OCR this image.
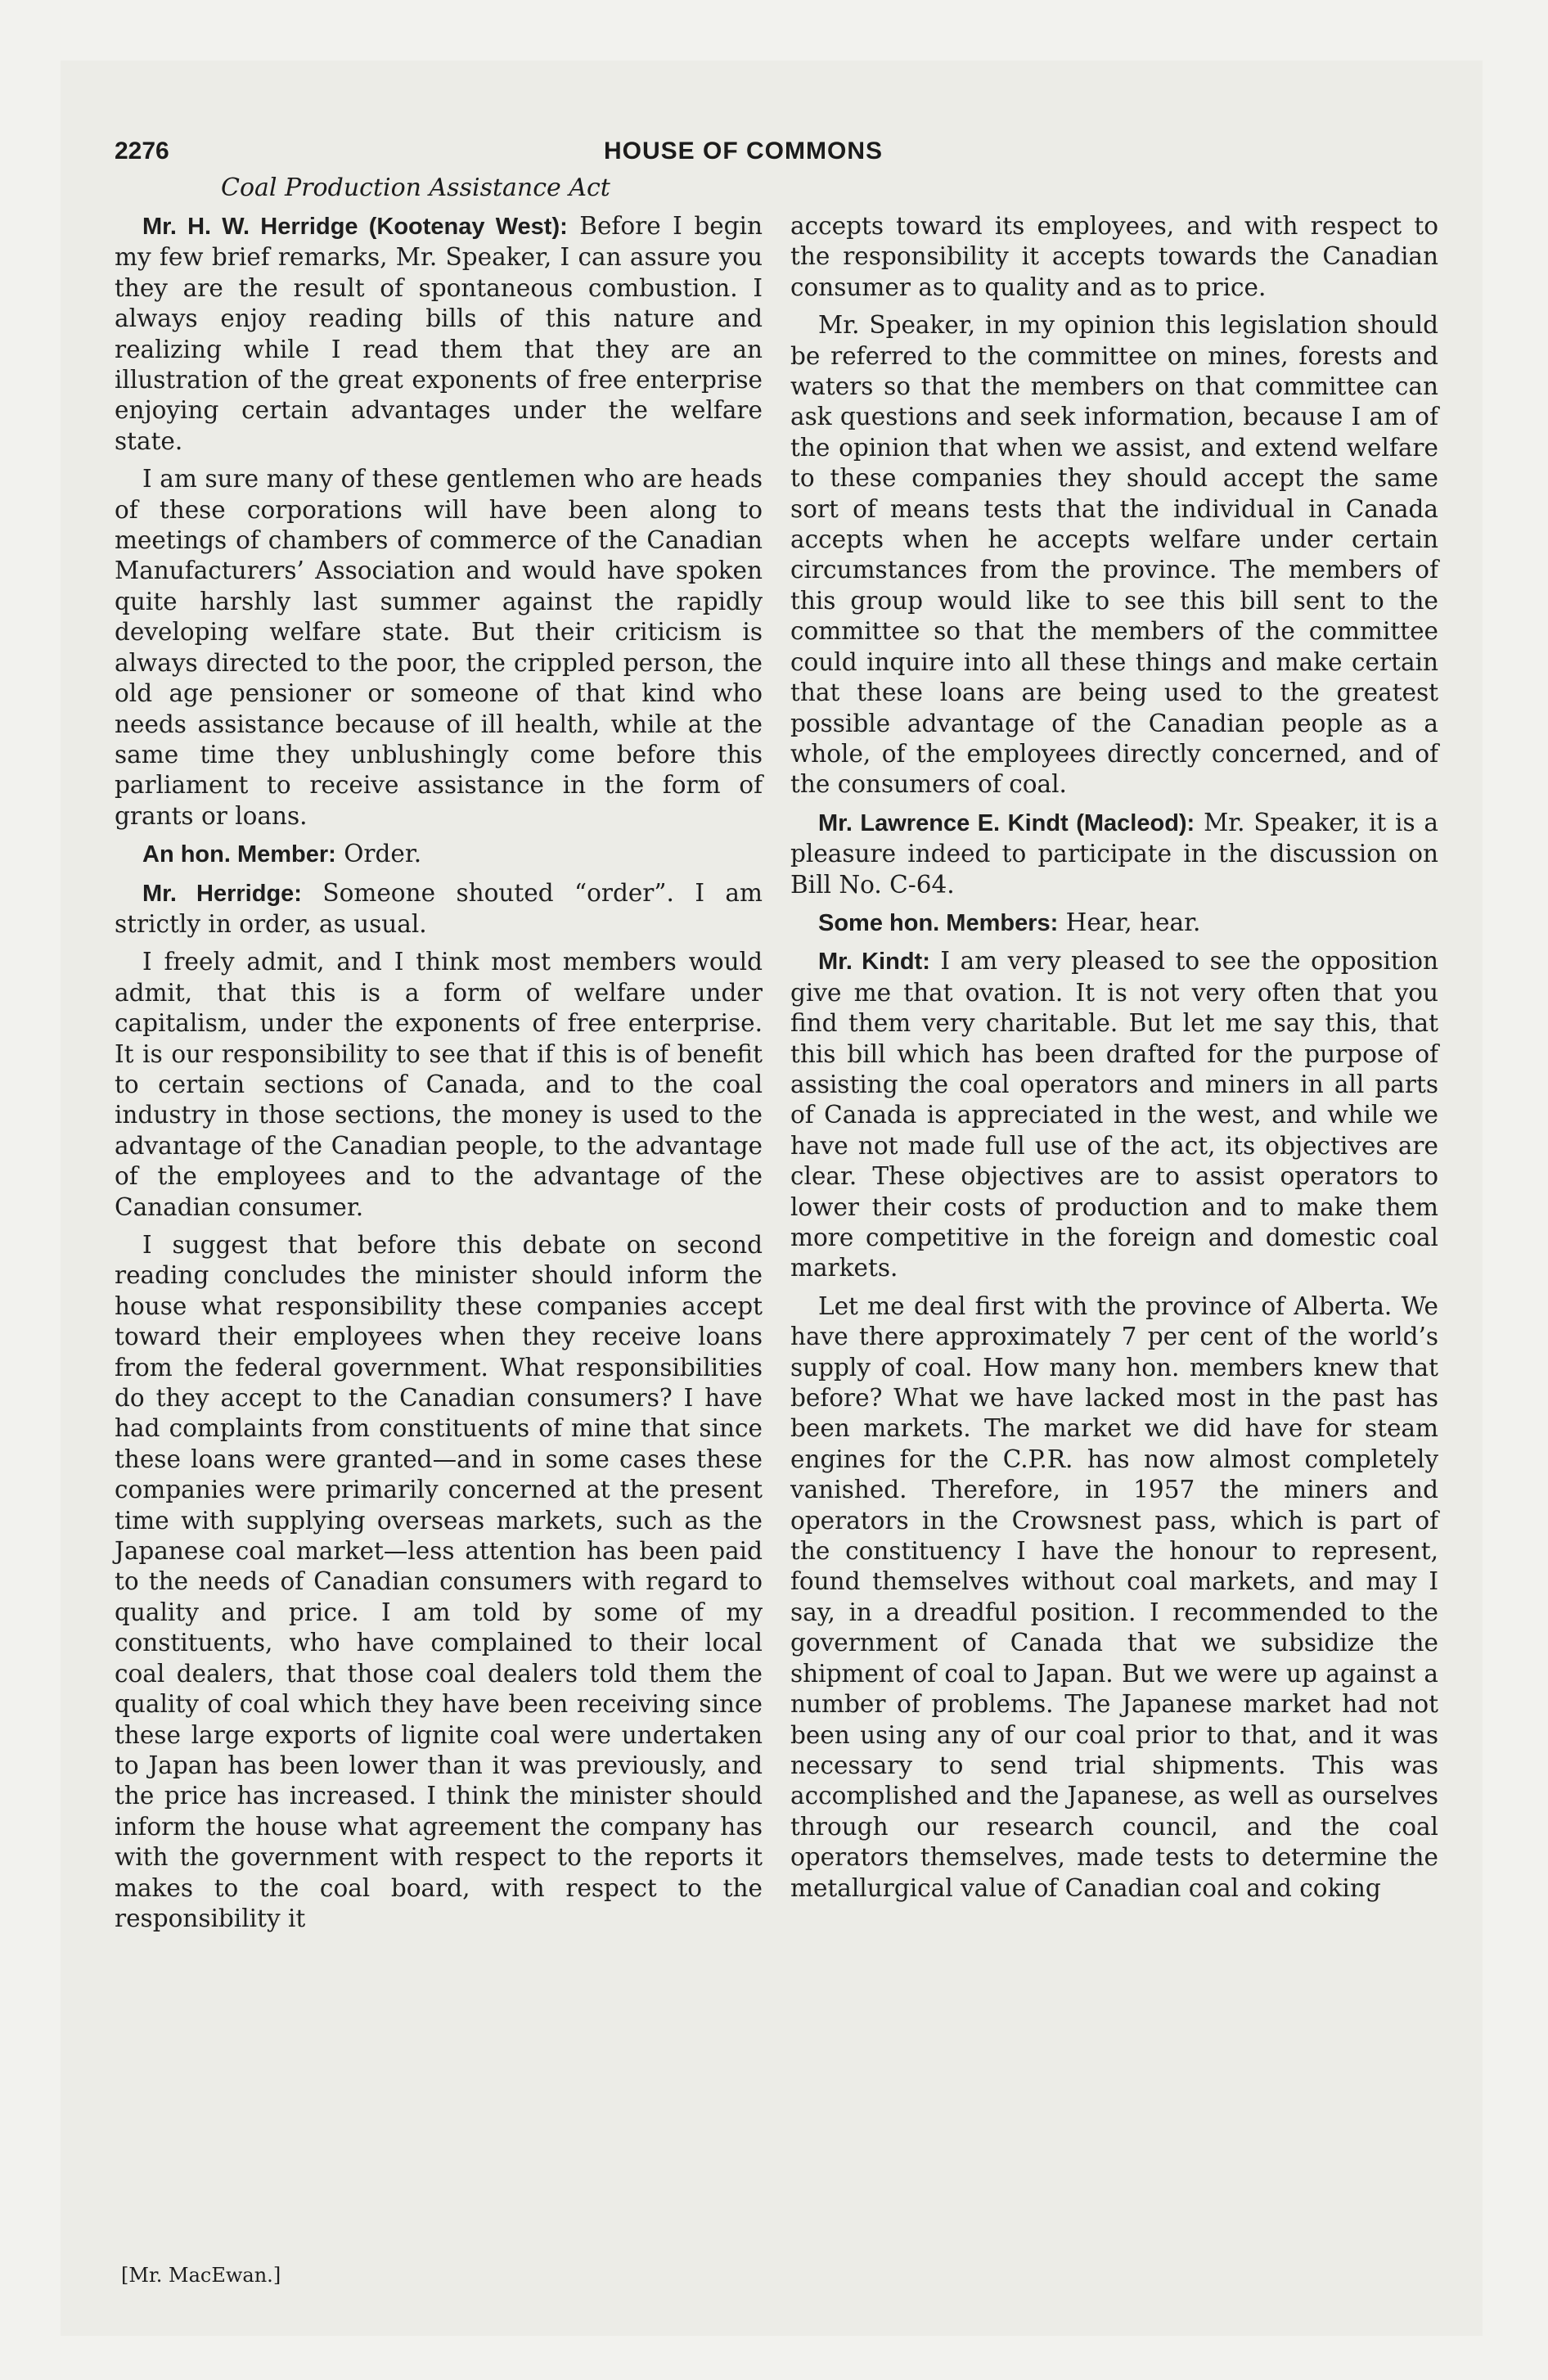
2276	HOUSE OF COMMONS
Coal Production Assistance Act

Mr. H. W. Herridge (Kootenay West): Before I begin my few brief remarks, Mr. Speaker, I can assure you they are the result of spontaneous combustion. I always enjoy reading bills of this nature and realizing while I read them that they are an illustration of the great exponents of free enterprise enjoying certain advantages under the welfare state.

I am sure many of these gentlemen who are heads of these corporations will have been along to meetings of chambers of commerce of the Canadian Manufacturers’ Association and would have spoken quite harshly last summer against the rapidly developing welfare state. But their criticism is always directed to the poor, the crippled person, the old age pensioner or someone of that kind who needs assistance because of ill health, while at the same time they unblushingly come before this parliament to receive assistance in the form of grants or loans.

An hon. Member: Order.

Mr. Herridge: Someone shouted “order”. I am strictly in order, as usual.

I freely admit, and I think most members would admit, that this is a form of welfare under capitalism, under the exponents of free enterprise. It is our responsibility to see that if this is of benefit to certain sections of Canada, and to the coal industry in those sections, the money is used to the advantage of the Canadian people, to the advantage of the employees and to the advantage of the Canadian consumer.

I suggest that before this debate on second reading concludes the minister should inform the house what responsibility these companies accept toward their employees when they receive loans from the federal government. What responsibilities do they accept to the Canadian consumers? I have had complaints from constituents of mine that since these loans were granted—and in some cases these companies were primarily concerned at the present time with supplying overseas markets, such as the Japanese coal market—less attention has been paid to the needs of Canadian consumers with regard to quality and price. I am told by some of my constituents, who have complained to their local coal dealers, that those coal dealers told them the quality of coal which they have been receiving since these large exports of lignite coal were undertaken to Japan has been lower than it was previously, and the price has increased. I think the minister should inform the house what agreement the company has with the government with respect to the reports it makes to the coal board, with respect to the responsibility it

accepts toward its employees, and with respect to the responsibility it accepts towards the Canadian consumer as to quality and as to price.

Mr. Speaker, in my opinion this legislation should be referred to the committee on mines, forests and waters so that the members on that committee can ask questions and seek information, because I am of the opinion that when we assist, and extend welfare to these companies they should accept the same sort of means tests that the individual in Canada accepts when he accepts welfare under certain circumstances from the province. The members of this group would like to see this bill sent to the committee so that the members of the committee could inquire into all these things and make certain that these loans are being used to the greatest possible advantage of the Canadian people as a whole, of the employees directly concerned, and of the consumers of coal.

Mr. Lawrence E. Kindt (Macleod): Mr. Speaker, it is a pleasure indeed to participate in the discussion on Bill No. C-64.

Some hon. Members: Hear, hear.

Mr. Kindt: I am very pleased to see the opposition give me that ovation. It is not very often that you find them very charitable. But let me say this, that this bill which has been drafted for the purpose of assisting the coal operators and miners in all parts of Canada is appreciated in the west, and while we have not made full use of the act, its objectives are clear. These objectives are to assist operators to lower their costs of production and to make them more competitive in the foreign and domestic coal markets.

Let me deal first with the province of Alberta. We have there approximately 7 per cent of the world’s supply of coal. How many hon. members knew that before? What we have lacked most in the past has been markets. The market we did have for steam engines for the C.P.R. has now almost completely vanished. Therefore, in 1957 the miners and operators in the Crowsnest pass, which is part of the constituency I have the honour to represent, found themselves without coal markets, and may I say, in a dreadful position. I recommended to the government of Canada that we subsidize the shipment of coal to Japan. But we were up against a number of problems. The Japanese market had not been using any of our coal prior to that, and it was necessary to send trial shipments. This was accomplished and the Japanese, as well as ourselves through our research council, and the coal operators themselves, made tests to determine the metallurgical value of Canadian coal and coking

[Mr. MacEwan.]
